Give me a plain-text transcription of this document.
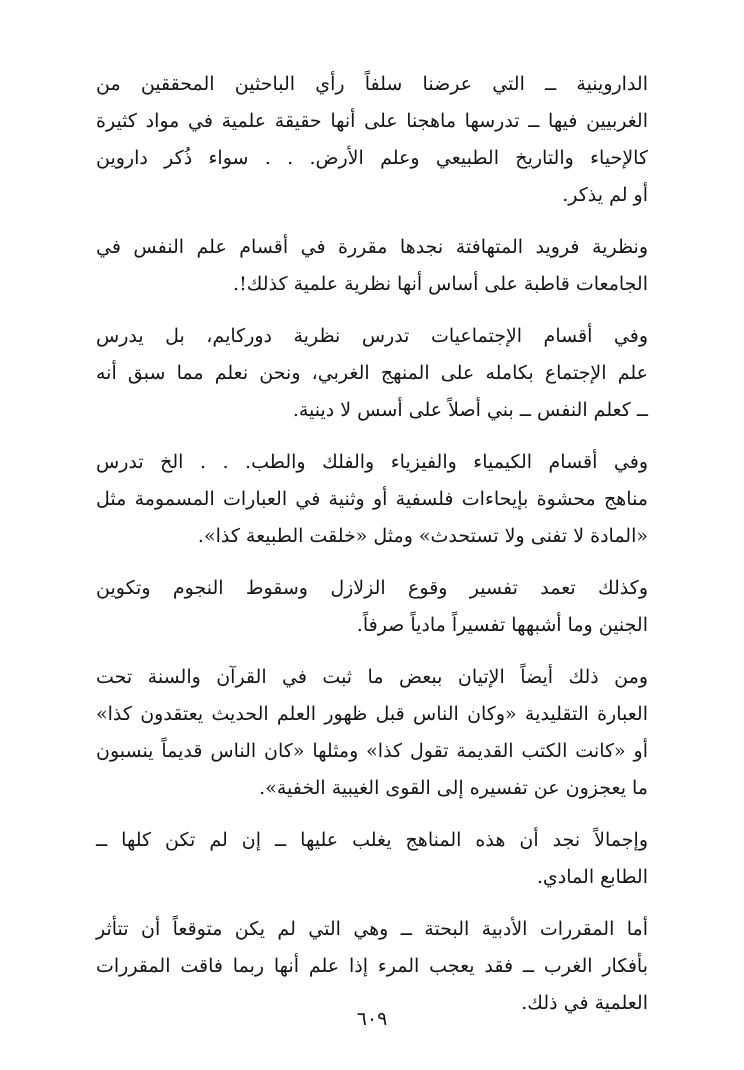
الداروينية ــ التي عرضنا سلفاً رأي الباحثين المحققين من
الغربيين فيها ــ تدرسها ماهجنا على أنها حقيقة علمية في مواد كثيرة
كالإحياء والتاريخ الطبيعي وعلم الأرض. . . سواء ذُكر داروين
أو لم يذكر.

ونظرية فرويد المتهافتة نجدها مقررة في أقسام علم النفس في
الجامعات قاطبة على أساس أنها نظرية علمية كذلك!.

وفي أقسام الإجتماعيات تدرس نظرية دوركايم، بل يدرس
علم الإجتماع بكامله على المنهج الغربي، ونحن نعلم مما سبق أنه
ــ كعلم النفس ــ بني أصلاً على أسس لا دينية.

وفي أقسام الكيمياء والفيزياء والفلك والطب. . . الخ تدرس
مناهج محشوة بإيحاءات فلسفية أو وثنية في العبارات المسمومة مثل
«المادة لا تفنى ولا تستحدث» ومثل «خلقت الطبيعة كذا».

وكذلك تعمد تفسير وقوع الزلازل وسقوط النجوم وتكوين
الجنين وما أشبهها تفسيراً مادياً صرفاً.

ومن ذلك أيضاً الإتيان ببعض ما ثبت في القرآن والسنة تحت
العبارة التقليدية «وكان الناس قبل ظهور العلم الحديث يعتقدون كذا»
أو «كانت الكتب القديمة تقول كذا» ومثلها «كان الناس قديماً ينسبون
ما يعجزون عن تفسيره إلى القوى الغيبية الخفية».

وإجمالاً نجد أن هذه المناهج يغلب عليها ــ إن لم تكن كلها ــ
الطابع المادي.

أما المقررات الأدبية البحتة ــ وهي التي لم يكن متوقعاً أن تتأثر
بأفكار الغرب ــ فقد يعجب المرء إذا علم أنها ربما فاقت المقررات
العلمية في ذلك.

٦٠٩
